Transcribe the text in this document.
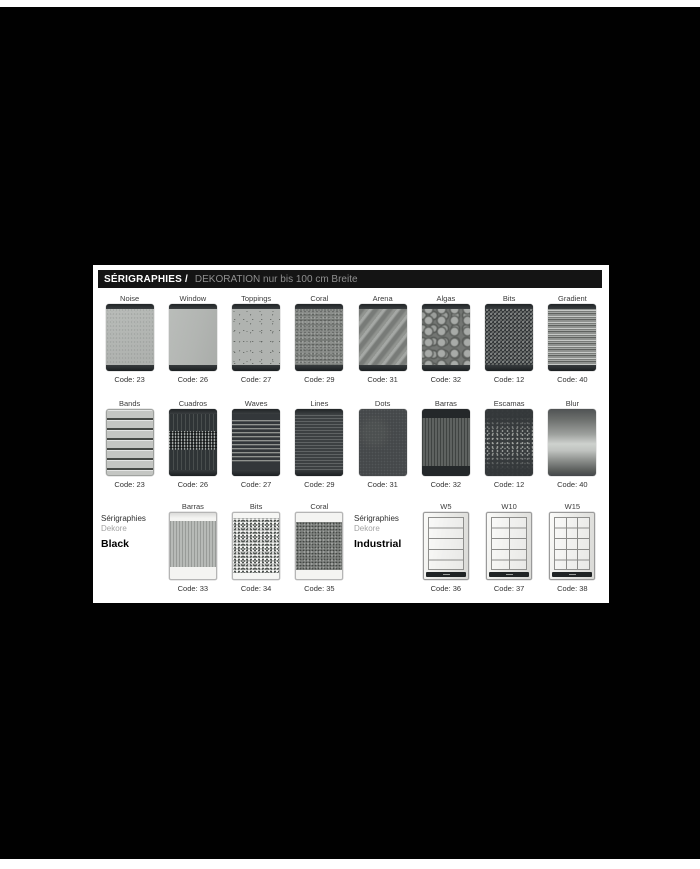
SÉRIGRAPHIES / DEKORATION nur bis 100 cm Breite
Noise
Code: 23
Window
Code: 26
Toppings
Code: 27
Coral
Code: 29
Arena
Code: 31
Algas
Code: 32
Bits
Code: 12
Gradient
Code: 40
Bands
Code: 23
Cuadros
Code: 26
Waves
Code: 27
Lines
Code: 29
Dots
Code: 31
Barras
Code: 32
Escamas
Code: 12
Blur
Code: 40
Sérigraphies
Dekore
Black
Barras
Code: 33
Bits
Code: 34
Coral
Code: 35
Sérigraphies
Dekore
Industrial
W5
Code: 36
W10
Code: 37
W15
Code: 38
